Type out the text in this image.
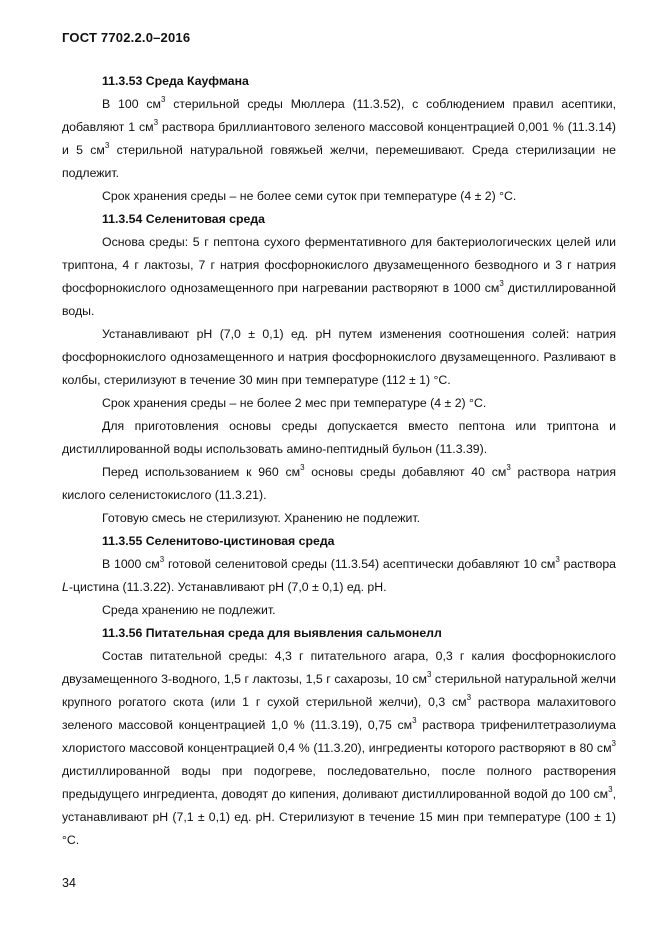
ГОСТ 7702.2.0–2016

11.3.53 Среда Кауфмана

В 100 $см^3$ стерильной среды Мюллера (11.3.52), с соблюдением правил асептики, добавляют 1 $см^3$ раствора бриллиантового зеленого массовой концентрацией 0,001 % (11.3.14) и 5 $см^3$ стерильной натуральной говяжьей желчи, перемешивают. Среда стерилизации не подлежит.

Срок хранения среды – не более семи суток при температуре (4 ± 2) °С.

11.3.54 Селенитовая среда

Основа среды: 5 г пептона сухого ферментативного для бактериологических целей или триптона, 4 г лактозы, 7 г натрия фосфорнокислого двузамещенного безводного и 3 г натрия фосфорнокислого однозамещенного при нагревании растворяют в 1000 $см^3$ дистиллированной воды.

Устанавливают рН (7,0 ± 0,1) ед. рН путем изменения соотношения солей: натрия фосфорнокислого однозамещенного и натрия фосфорнокислого двузамещенного. Разливают в колбы, стерилизуют в течение 30 мин при температуре (112 ± 1) °С.

Срок хранения среды – не более 2 мес при температуре (4 ± 2) °С.

Для приготовления основы среды допускается вместо пептона или триптона и дистиллированной воды использовать амино-пептидный бульон (11.3.39).

Перед использованием к 960 $см^3$ основы среды добавляют 40 $см^3$ раствора натрия кислого селенистокислого (11.3.21).

Готовую смесь не стерилизуют. Хранению не подлежит.

11.3.55 Селенитово-цистиновая среда

В 1000 $см^3$ готовой селенитовой среды (11.3.54) асептически добавляют 10 $см^3$ раствора L-цистина (11.3.22). Устанавливают рН (7,0 ± 0,1) ед. рН.

Среда хранению не подлежит.

11.3.56 Питательная среда для выявления сальмонелл

Состав питательной среды: 4,3 г питательного агара, 0,3 г калия фосфорнокислого двузамещенного 3-водного, 1,5 г лактозы, 1,5 г сахарозы, 10 $см^3$ стерильной натуральной желчи крупного рогатого скота (или 1 г сухой стерильной желчи), 0,3 $см^3$ раствора малахитового зеленого массовой концентрацией 1,0 % (11.3.19), 0,75 $см^3$ раствора трифенилтетразолиума хлористого массовой концентрацией 0,4 % (11.3.20), ингредиенты которого растворяют в 80 $см^3$ дистиллированной воды при подогреве, последовательно, после полного растворения предыдущего ингредиента, доводят до кипения, доливают дистиллированной водой до 100 $см^3$, устанавливают рН (7,1 ± 0,1) ед. рН. Стерилизуют в течение 15 мин при температуре (100 ± 1) °С.

34
